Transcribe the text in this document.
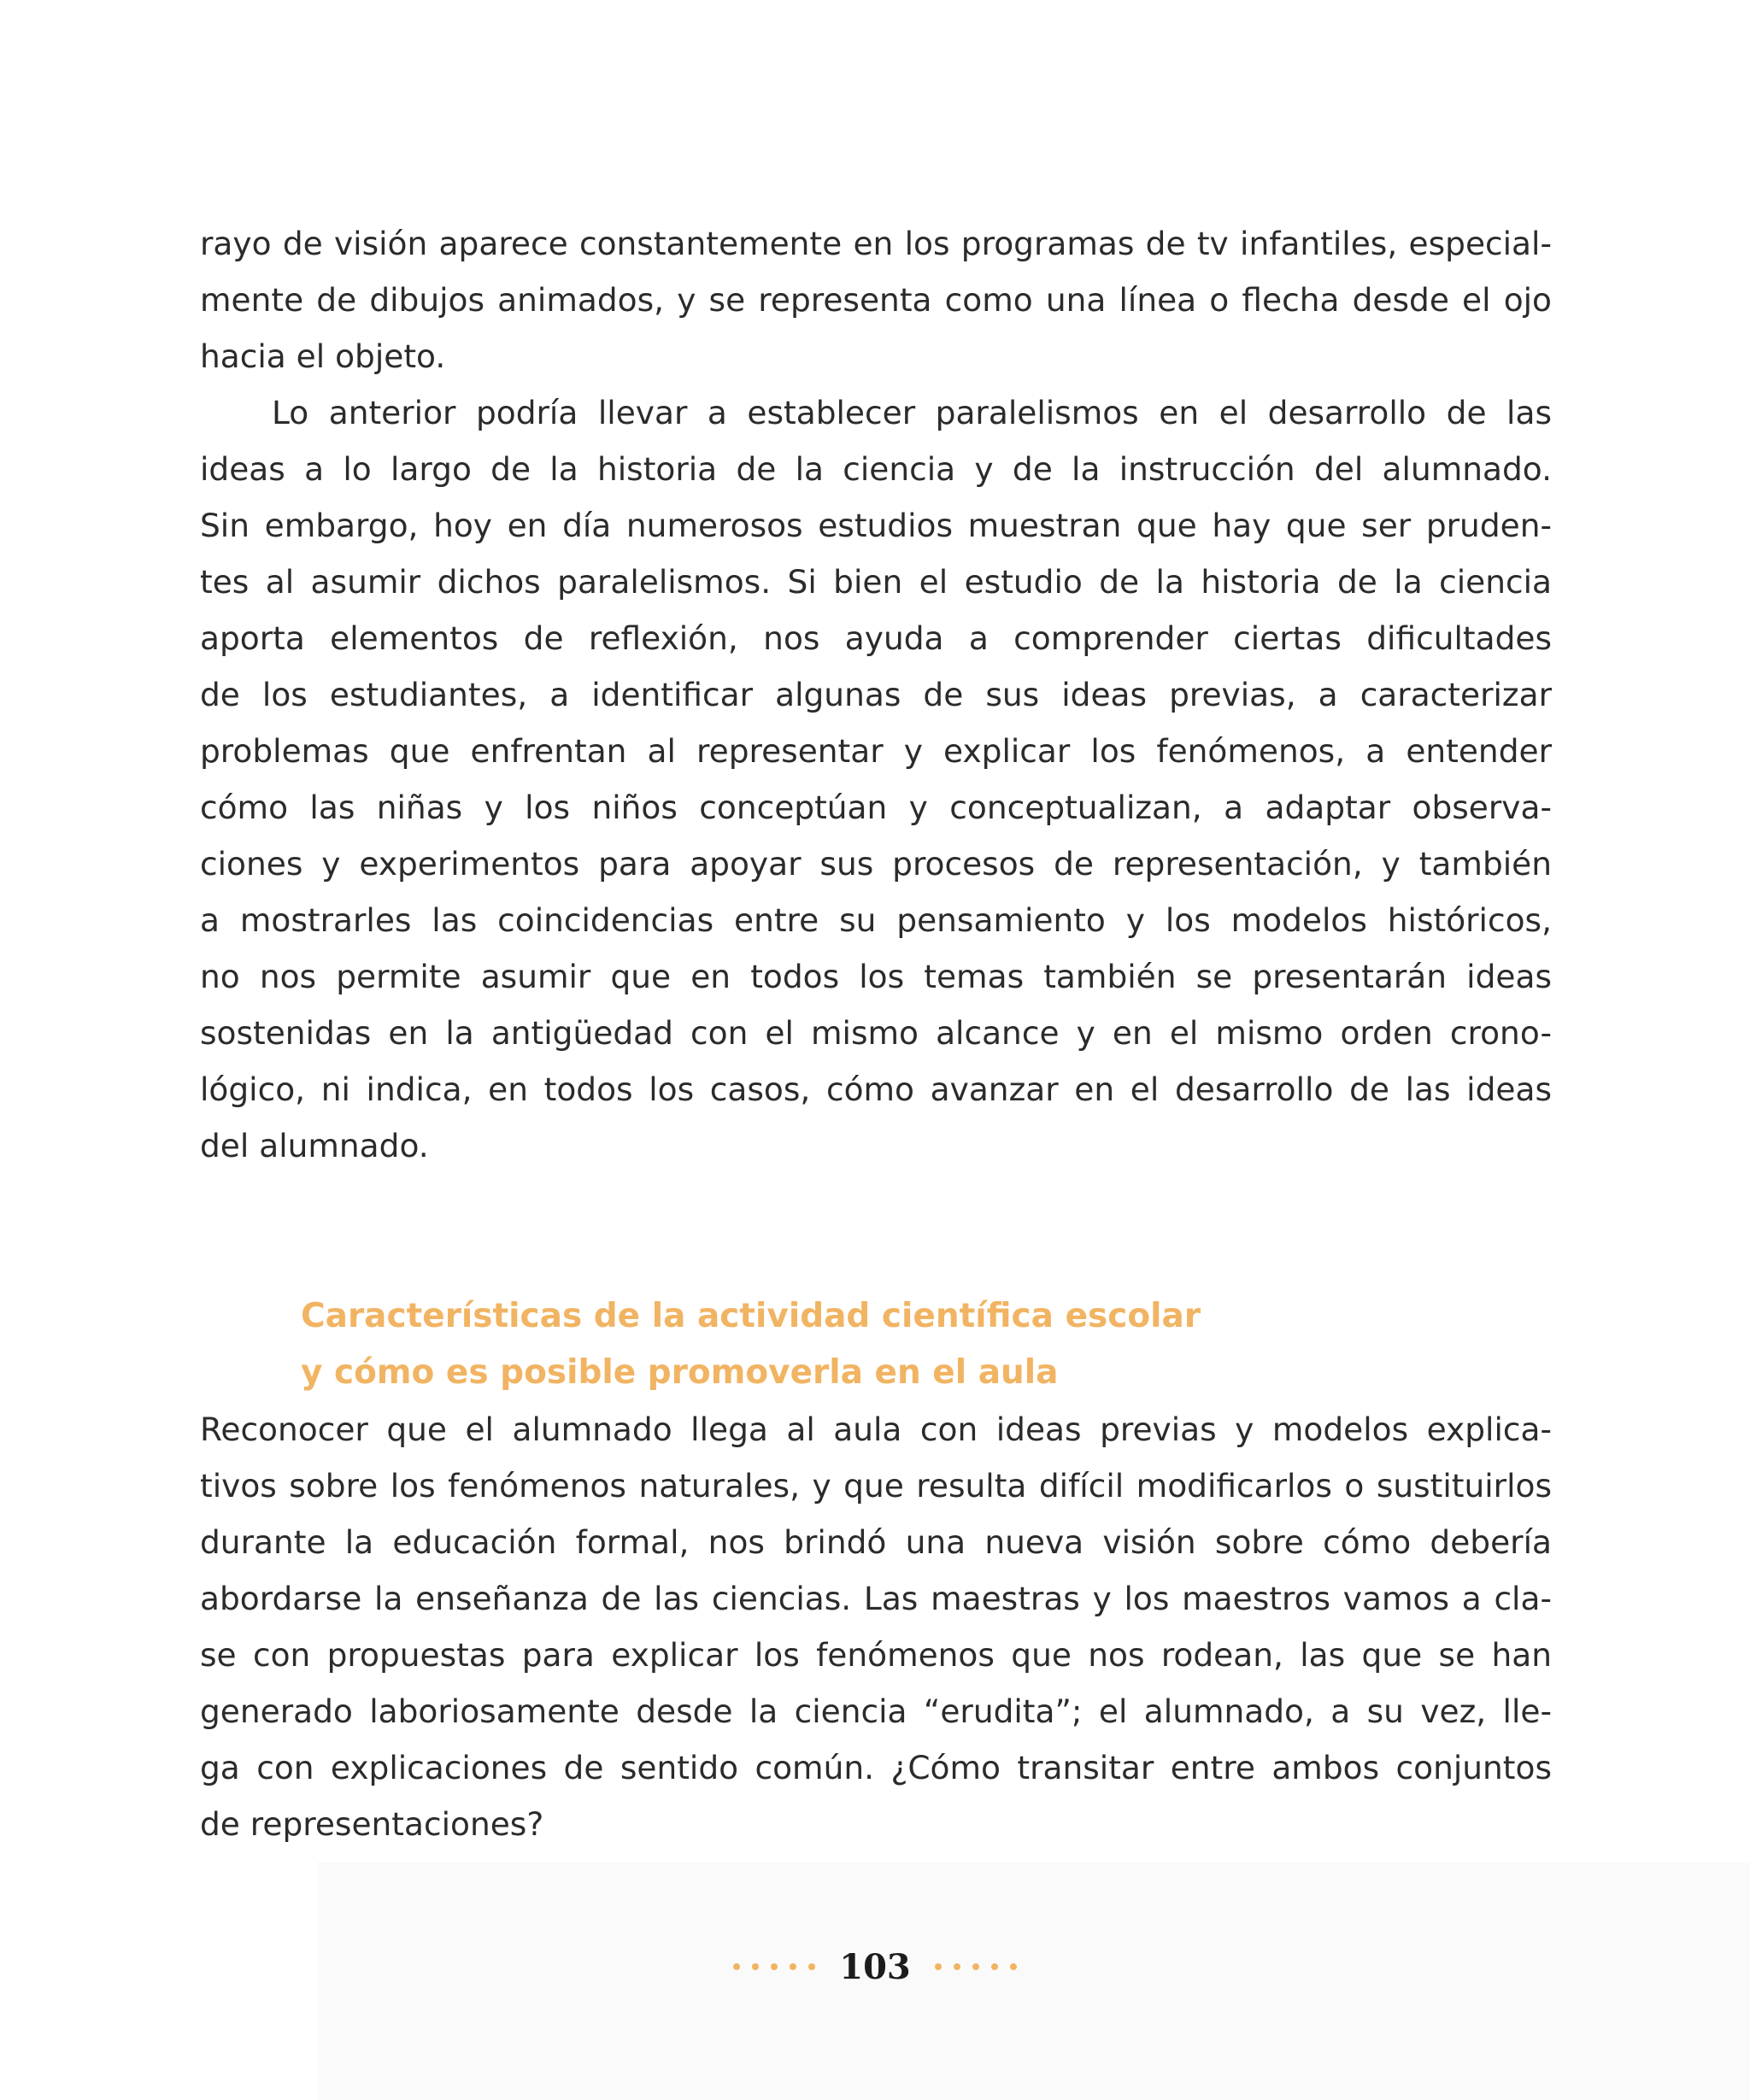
rayo de visión aparece constantemente en los programas de tv infantiles, especial-
mente de dibujos animados, y se representa como una línea o flecha desde el ojo
hacia el objeto.
Lo anterior podría llevar a establecer paralelismos en el desarrollo de las
ideas a lo largo de la historia de la ciencia y de la instrucción del alumnado.
Sin embargo, hoy en día numerosos estudios muestran que hay que ser pruden-
tes al asumir dichos paralelismos. Si bien el estudio de la historia de la ciencia
aporta elementos de reflexión, nos ayuda a comprender ciertas dificultades
de los estudiantes, a identificar algunas de sus ideas previas, a caracterizar
problemas que enfrentan al representar y explicar los fenómenos, a entender
cómo las niñas y los niños conceptúan y conceptualizan, a adaptar observa-
ciones y experimentos para apoyar sus procesos de representación, y también
a mostrarles las coincidencias entre su pensamiento y los modelos históricos,
no nos permite asumir que en todos los temas también se presentarán ideas
sostenidas en la antigüedad con el mismo alcance y en el mismo orden crono-
lógico, ni indica, en todos los casos, cómo avanzar en el desarrollo de las ideas
del alumnado.
Características de la actividad científica escolar
y cómo es posible promoverla en el aula
Reconocer que el alumnado llega al aula con ideas previas y modelos explica-
tivos sobre los fenómenos naturales, y que resulta difícil modificarlos o sustituirlos
durante la educación formal, nos brindó una nueva visión sobre cómo debería
abordarse la enseñanza de las ciencias. Las maestras y los maestros vamos a cla-
se con propuestas para explicar los fenómenos que nos rodean, las que se han
generado laboriosamente desde la ciencia “erudita”; el alumnado, a su vez, lle-
ga con explicaciones de sentido común. ¿Cómo transitar entre ambos conjuntos
de representaciones?
103
